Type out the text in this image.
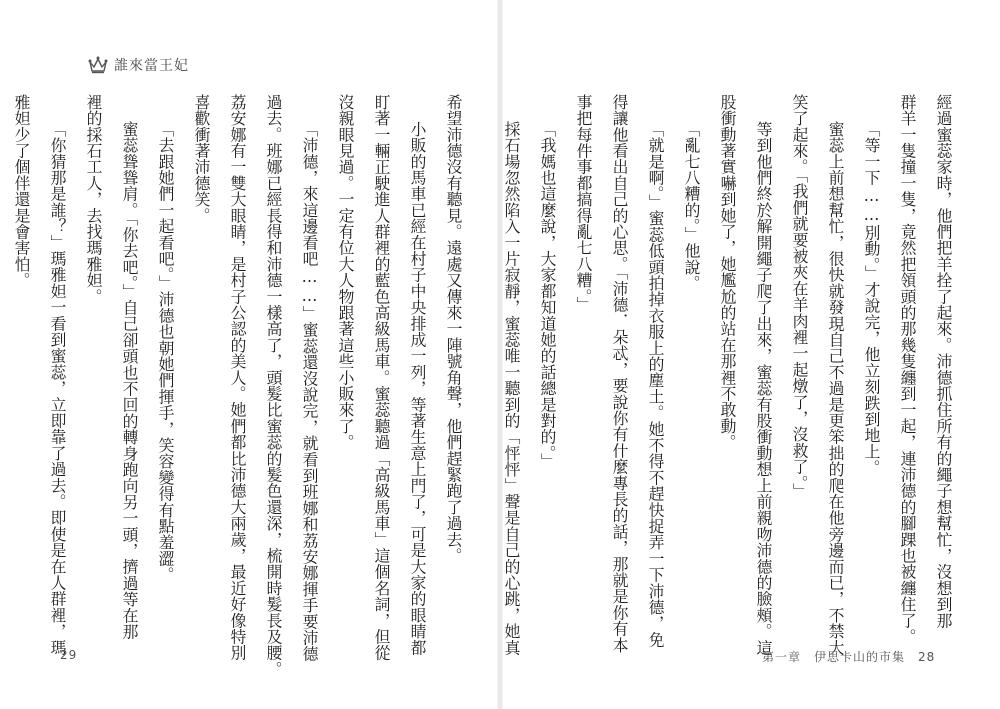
誰來當王妃
經過蜜蕊家時，他們把羊拴了起來。沛德抓住所有的繩子想幫忙，沒想到那
群羊一隻撞一隻，竟然把領頭的那幾隻纏到一起，連沛德的腳踝也被纏住了。
「等一下……別動。」才說完，他立刻跌到地上。
蜜蕊上前想幫忙，很快就發現自己不過是更笨拙的爬在他旁邊而已，不禁大
笑了起來。「我們就要被夾在羊肉裡一起燉了，沒救了。」
等到他們終於解開繩子爬了出來，蜜蕊有股衝動想上前親吻沛德的臉頰。這
股衝動著實嚇到她了，她尷尬的站在那裡不敢動。
「亂七八糟的。」他說。
「就是啊。」蜜蕊低頭拍掉衣服上的塵土。她不得不趕快捉弄一下沛德，免
得讓他看出自己的心思。「沛德．朵忒，要說你有什麼專長的話，那就是你有本
事把每件事都搞得亂七八糟。」
「我媽也這麼說，大家都知道她的話總是對的。」
採石場忽然陷入一片寂靜，蜜蕊唯一聽到的「怦怦」聲是自己的心跳，她真
希望沛德沒有聽見。遠處又傳來一陣號角聲，他們趕緊跑了過去。
小販的馬車已經在村子中央排成一列，等著生意上門了，可是大家的眼睛都
盯著一輛正駛進人群裡的藍色高級馬車。蜜蕊聽過「高級馬車」這個名詞，但從
沒親眼見過。一定有位大人物跟著這些小販來了。
「沛德，來這邊看吧……」蜜蕊還沒說完，就看到班娜和荔安娜揮手要沛德
過去。班娜已經長得和沛德一樣高了，頭髮比蜜蕊的髮色還深，梳開時髮長及腰。
荔安娜有一雙大眼睛，是村子公認的美人。她們都比沛德大兩歲，最近好像特別
喜歡衝著沛德笑。
「去跟她們一起看吧。」沛德也朝她們揮手，笑容變得有點羞澀。
蜜蕊聳聳肩。「你去吧。」自己卻頭也不回的轉身跑向另一頭，擠過等在那
裡的採石工人，去找瑪雅妲。
「你猜那是誰？」瑪雅妲一看到蜜蕊，立即靠了過去。即使是在人群裡，瑪
雅妲少了個伴還是會害怕。
29	第一章　伊思卡山的市集　28
